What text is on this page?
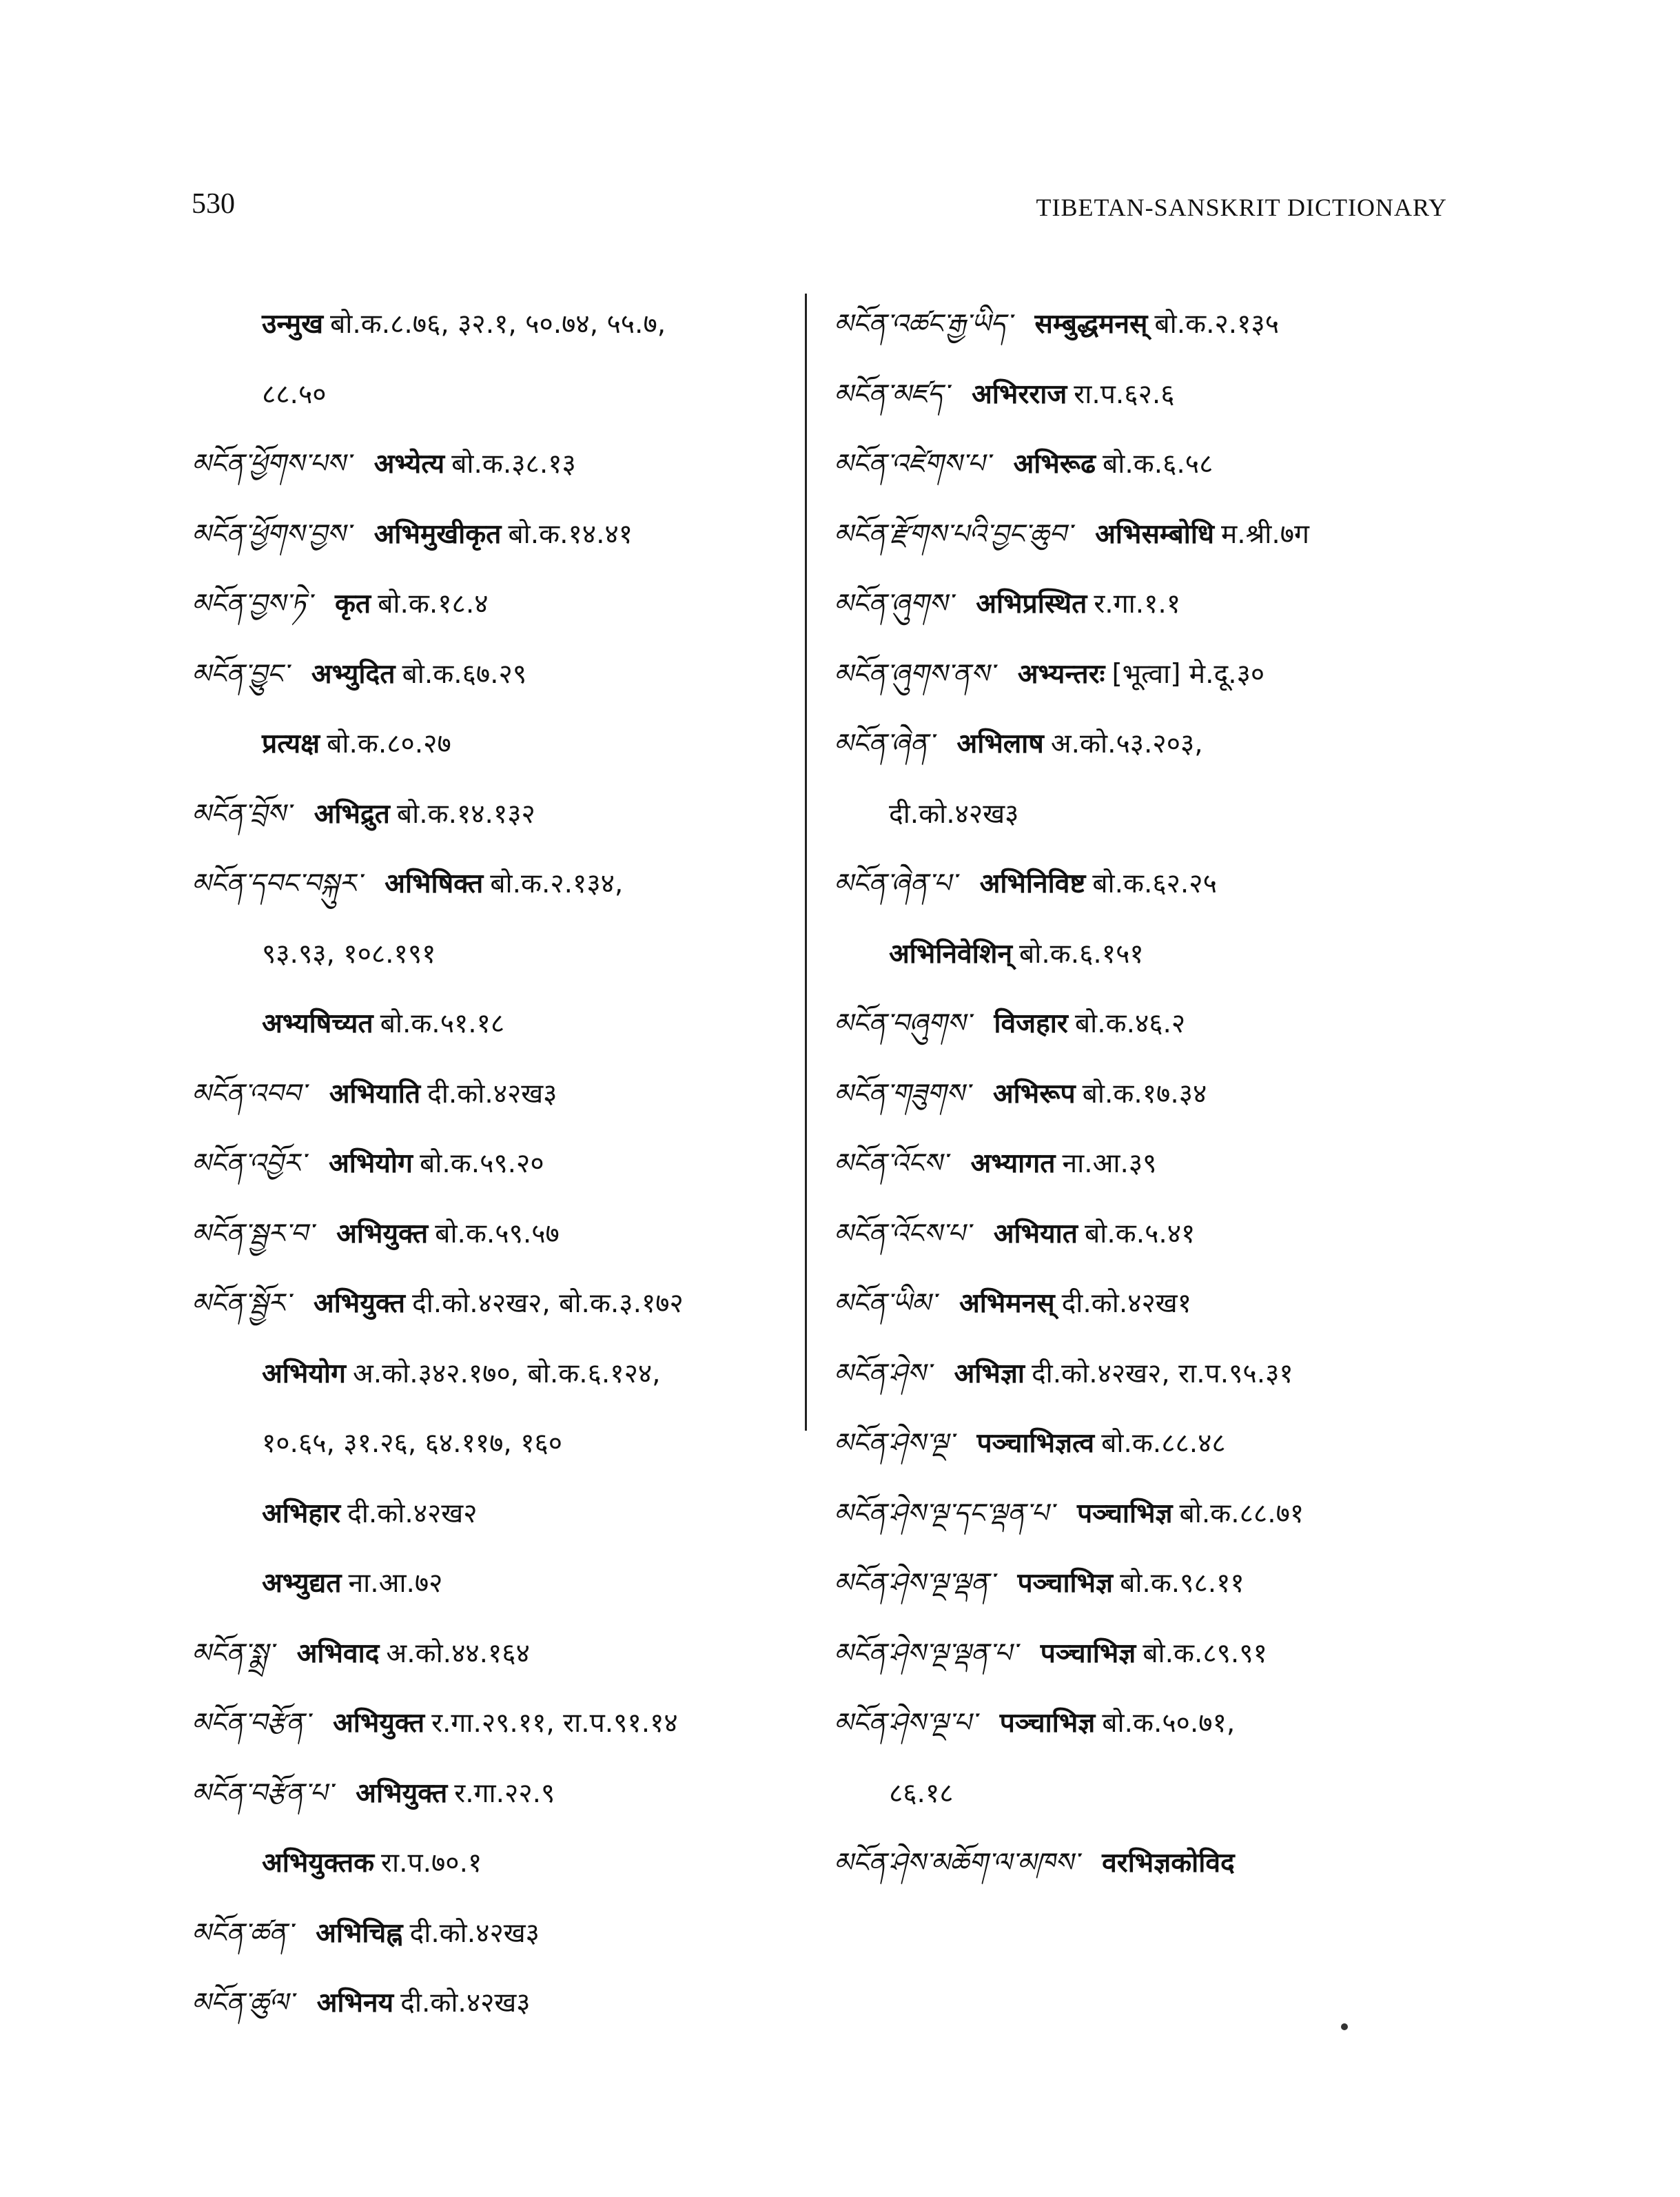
530	TIBETAN-SANSKRIT DICTIONARY
उन्मुख बो.क.८.७६, ३२.१, ५०.७४, ५५.७,
८८.५०
མངོན་ཕྱོགས་པས་ अभ्येत्य बो.क.३८.१३
མངོན་ཕྱོགས་བྱས་ अभिमुखीकृत बो.क.१४.४१
མངོན་བྱས་ཏེ་ कृत बो.क.१८.४
མངོན་བྱུང་ अभ्युदित बो.क.६७.२९
प्रत्यक्ष बो.क.८०.२७
མངོན་བྲོས་ अभिद्रुत बो.क.१४.१३२
མངོན་དབང་བསྐུར་ अभिषिक्त बो.क.२.१३४,
९३.९३, १०८.१९१
अभ्यषिच्यत बो.क.५१.१८
མངོན་འབབ་ अभियाति दी.को.४२ख३
མངོན་འབྱོར་ अभियोग बो.क.५९.२०
མངོན་སྦྱར་བ་ अभियुक्त बो.क.५९.५७
མངོན་སྦྱོར་ अभियुक्त दी.को.४२ख२, बो.क.३.१७२
अभियोग अ.को.३४२.१७०, बो.क.६.१२४,
१०.६५, ३१.२६, ६४.११७, १६०
अभिहार दी.को.४२ख२
अभ्युद्यत ना.आ.७२
མངོན་སྨྲ་ अभिवाद अ.को.४४.१६४
མངོན་བརྩོན་ अभियुक्त र.गा.२९.११, रा.प.९१.१४
མངོན་བརྩོན་པ་ अभियुक्त र.गा.२२.९
अभियुक्तक रा.प.७०.१
མངོན་ཚན་ अभिचिह्न दी.को.४२ख३
མངོན་ཚུལ་ अभिनय दी.को.४२ख३
མངོན་འཚང་རྒྱ་ཡིད་ सम्बुद्धमनस् बो.क.२.१३५
མངོན་མཛད་ अभिरराज रा.प.६२.६
མངོན་འཛེགས་པ་ अभिरूढ बो.क.६.५८
མངོན་རྫོགས་པའི་བྱང་ཆུབ་ अभिसम्बोधि म.श्री.७ग
མངོན་ཞུགས་ अभिप्रस्थित र.गा.१.१
མངོན་ཞུགས་ནས་ अभ्यन्तरः [भूत्वा] मे.दू.३०
མངོན་ཞེན་ अभिलाष अ.को.५३.२०३,
दी.को.४२ख३
མངོན་ཞེན་པ་ अभिनिविष्ट बो.क.६२.२५
अभिनिवेशिन् बो.क.६.१५१
མངོན་བཞུགས་ विजहार बो.क.४६.२
མངོན་གཟུགས་ अभिरूप बो.क.१७.३४
མངོན་འོངས་ अभ्यागत ना.आ.३९
མངོན་འོངས་པ་ अभियात बो.क.५.४१
མངོན་ཡིམ་ अभिमनस् दी.को.४२ख१
མངོན་ཤེས་ अभिज्ञा दी.को.४२ख२, रा.प.९५.३१
མངོན་ཤེས་ལྔ་ पञ्चाभिज्ञत्व बो.क.८८.४८
མངོན་ཤེས་ལྔ་དང་ལྡན་པ་ पञ्चाभिज्ञ बो.क.८८.७१
མངོན་ཤེས་ལྔ་ལྡན་ पञ्चाभिज्ञ बो.क.९८.११
མངོན་ཤེས་ལྔ་ལྡན་པ་ पञ्चाभिज्ञ बो.क.८९.९१
མངོན་ཤེས་ལྔ་པ་ पञ्चाभिज्ञ बो.क.५०.७१,
८६.१८
མངོན་ཤེས་མཆོག་ལ་མཁས་ वरभिज्ञकोविद
